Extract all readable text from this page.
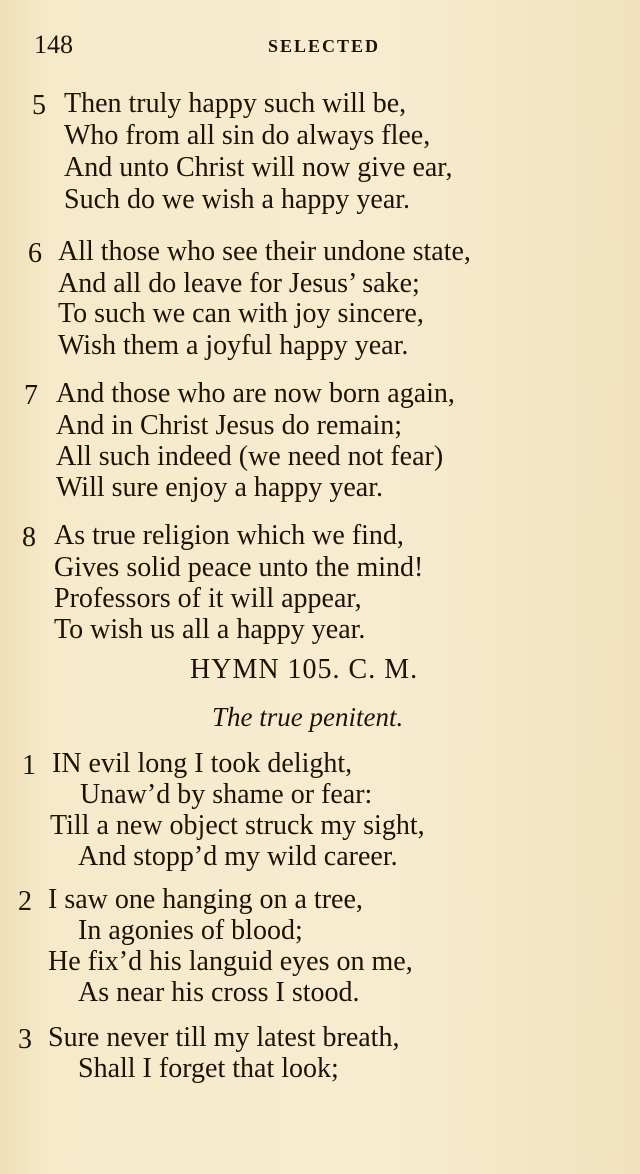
148	SELECTED
5 Then truly happy such will be,
Who from all sin do always flee,
And unto Christ will now give ear,
Such do we wish a happy year.
6 All those who see their undone state,
And all do leave for Jesus’ sake;
To such we can with joy sincere,
Wish them a joyful happy year.
7 And those who are now born again,
And in Christ Jesus do remain;
All such indeed (we need not fear)
Will sure enjoy a happy year.
8 As true religion which we find,
Gives solid peace unto the mind!
Professors of it will appear,
To wish us all a happy year.
HYMN 105. C. M.
The true penitent.
1 IN evil long I took delight,
Unaw’d by shame or fear:
Till a new object struck my sight,
And stopp’d my wild career.
2 I saw one hanging on a tree,
In agonies of blood;
He fix’d his languid eyes on me,
As near his cross I stood.
3 Sure never till my latest breath,
Shall I forget that look;
